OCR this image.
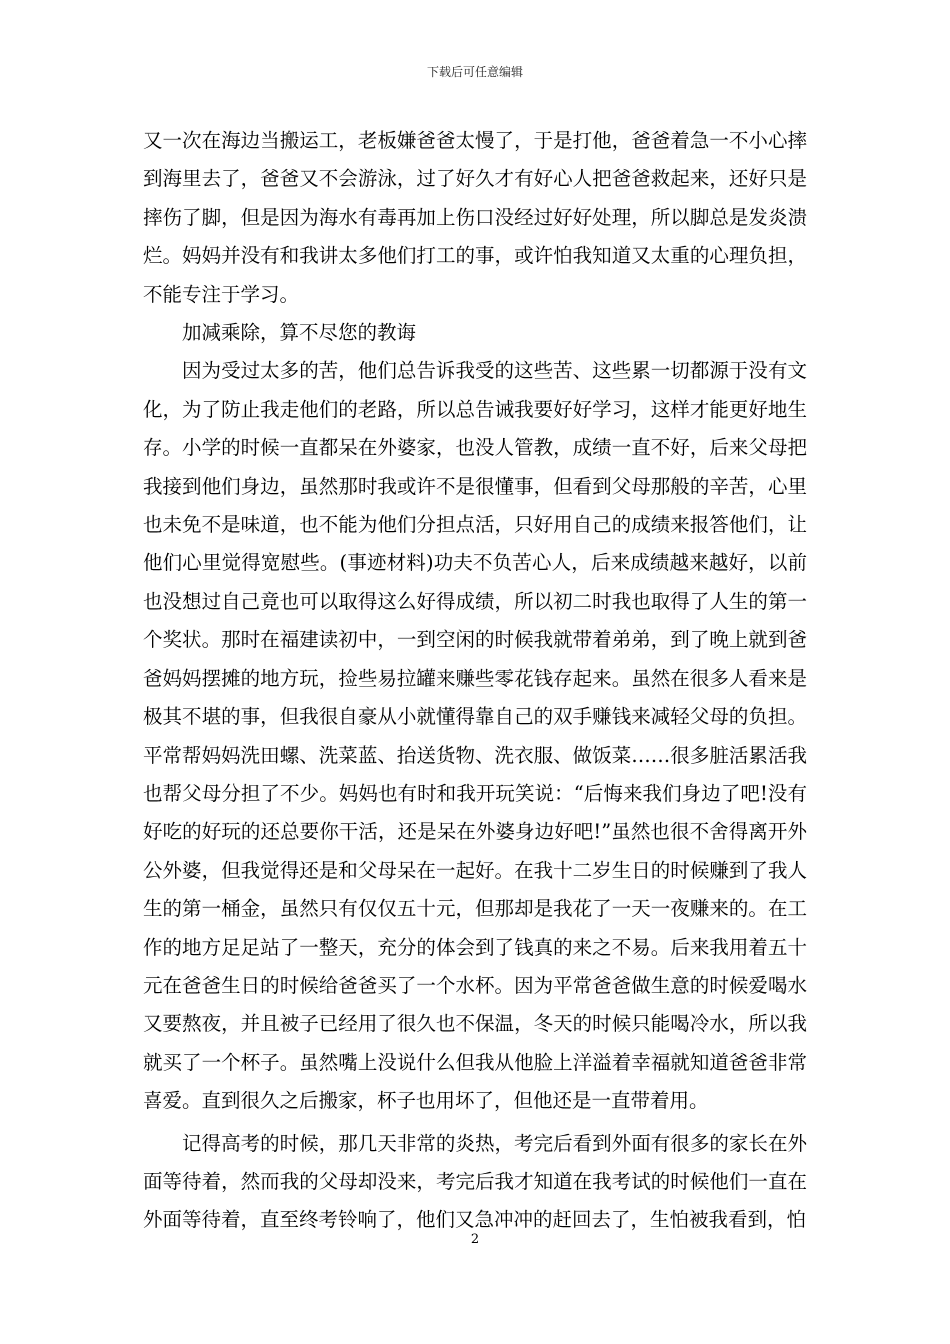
下载后可任意编辑

又一次在海边当搬运工，老板嫌爸爸太慢了，于是打他，爸爸着急一不小心摔到海里去了，爸爸又不会游泳，过了好久才有好心人把爸爸救起来，还好只是摔伤了脚，但是因为海水有毒再加上伤口没经过好好处理，所以脚总是发炎溃烂。妈妈并没有和我讲太多他们打工的事，或许怕我知道又太重的心理负担，不能专注于学习。

加减乘除，算不尽您的教诲

因为受过太多的苦，他们总告诉我受的这些苦、这些累一切都源于没有文化，为了防止我走他们的老路，所以总告诫我要好好学习，这样才能更好地生存。小学的时候一直都呆在外婆家，也没人管教，成绩一直不好，后来父母把我接到他们身边，虽然那时我或许不是很懂事，但看到父母那般的辛苦，心里也未免不是味道，也不能为他们分担点活，只好用自己的成绩来报答他们，让他们心里觉得宽慰些。(事迹材料)功夫不负苦心人，后来成绩越来越好，以前也没想过自己竟也可以取得这么好得成绩，所以初二时我也取得了人生的第一个奖状。那时在福建读初中，一到空闲的时候我就带着弟弟，到了晚上就到爸爸妈妈摆摊的地方玩，捡些易拉罐来赚些零花钱存起来。虽然在很多人看来是极其不堪的事，但我很自豪从小就懂得靠自己的双手赚钱来减轻父母的负担。平常帮妈妈洗田螺、洗菜蓝、抬送货物、洗衣服、做饭菜……很多脏活累活我也帮父母分担了不少。妈妈也有时和我开玩笑说：“后悔来我们身边了吧!没有好吃的好玩的还总要你干活，还是呆在外婆身边好吧!”虽然也很不舍得离开外公外婆，但我觉得还是和父母呆在一起好。在我十二岁生日的时候赚到了我人生的第一桶金，虽然只有仅仅五十元，但那却是我花了一天一夜赚来的。在工作的地方足足站了一整天，充分的体会到了钱真的来之不易。后来我用着五十元在爸爸生日的时候给爸爸买了一个水杯。因为平常爸爸做生意的时候爱喝水又要熬夜，并且被子已经用了很久也不保温，冬天的时候只能喝冷水，所以我就买了一个杯子。虽然嘴上没说什么但我从他脸上洋溢着幸福就知道爸爸非常喜爱。直到很久之后搬家，杯子也用坏了，但他还是一直带着用。

记得高考的时候，那几天非常的炎热，考完后看到外面有很多的家长在外面等待着，然而我的父母却没来，考完后我才知道在我考试的时候他们一直在外面等待着，直至终考铃响了，他们又急冲冲的赶回去了，生怕被我看到，怕

2
